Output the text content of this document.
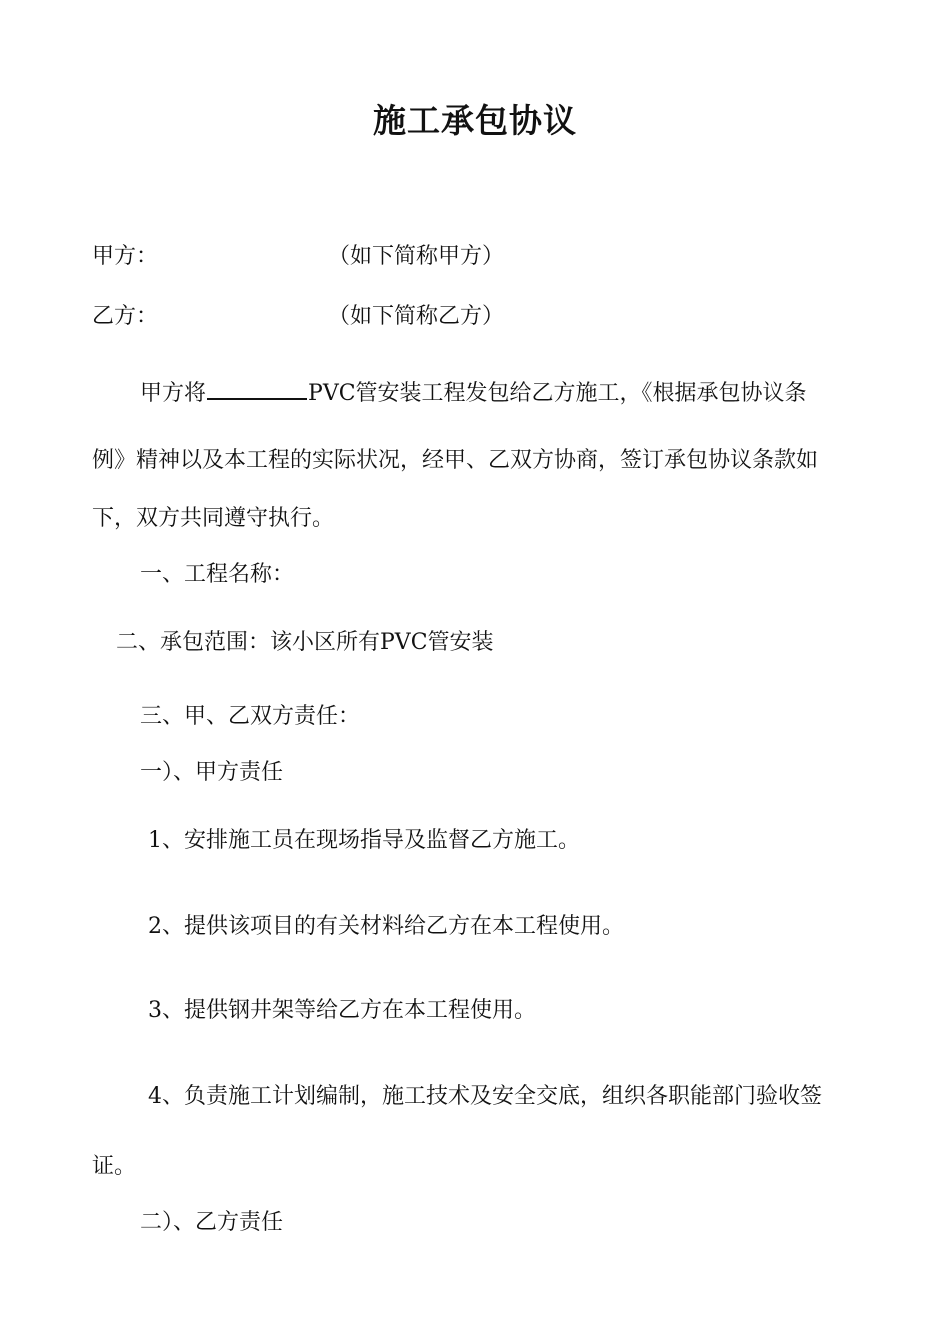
施工承包协议
甲方：	（如下简称甲方）
乙方：	（如下简称乙方）
甲方将	PVC管安装工程发包给乙方施工，《根据承包协议条
例》精神以及本工程的实际状况，经甲、乙双方协商，签订承包协议条款如
下，双方共同遵守执行。
一、工程名称：
二、承包范围：该小区所有PVC管安装
三、甲、乙双方责任：
一）、甲方责任
1、安排施工员在现场指导及监督乙方施工。
2、提供该项目的有关材料给乙方在本工程使用。
3、提供钢井架等给乙方在本工程使用。
4、负责施工计划编制，施工技术及安全交底，组织各职能部门验收签
证。
二）、乙方责任
